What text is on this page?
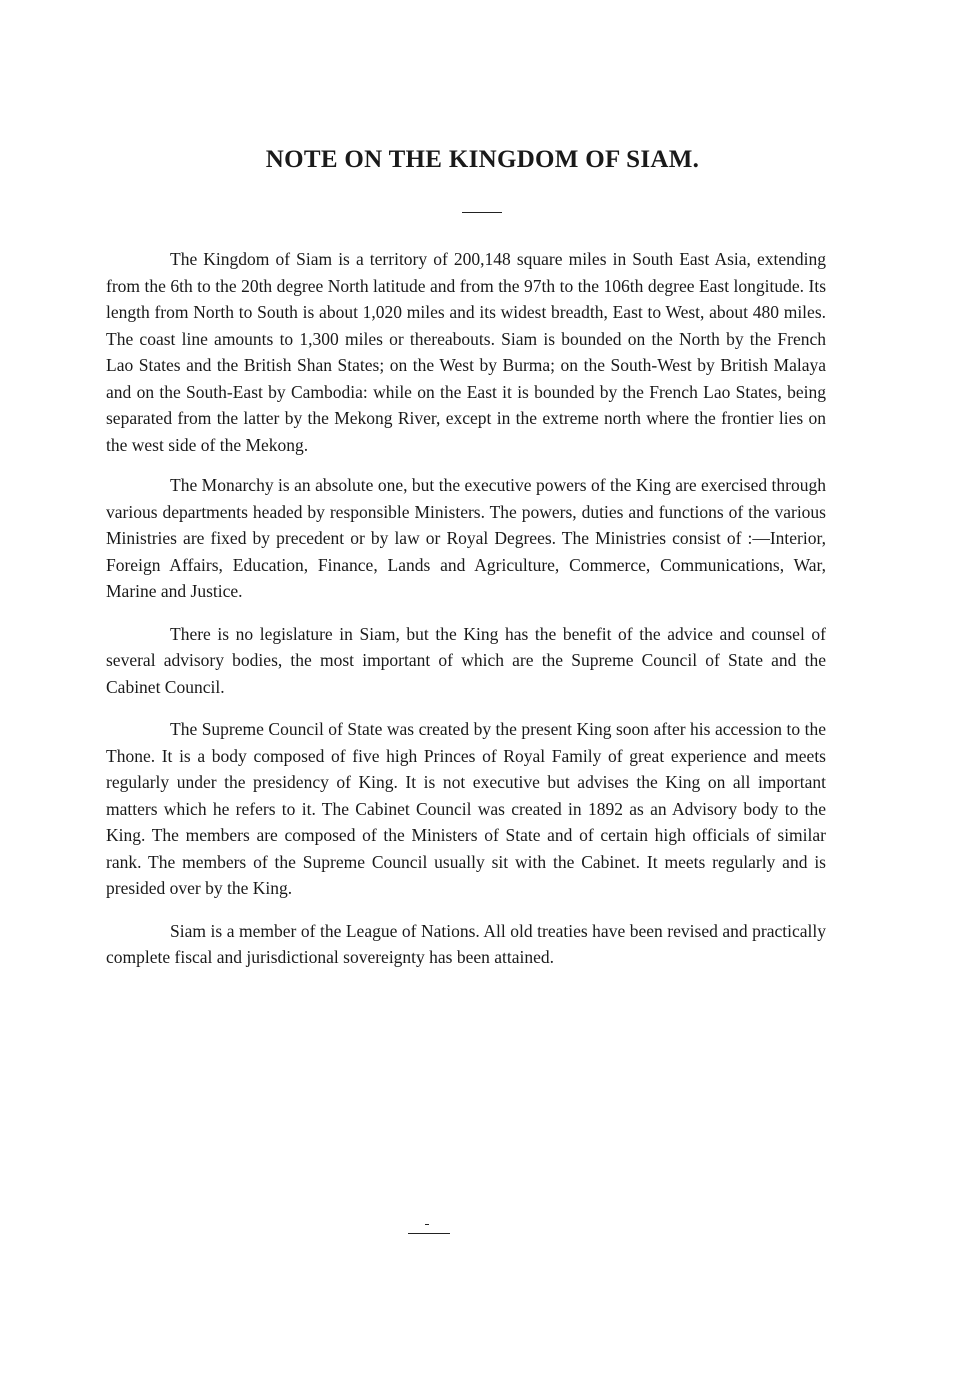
NOTE ON THE KINGDOM OF SIAM.

The Kingdom of Siam is a territory of 200,148 square miles in South East Asia, extending from the 6th to the 20th degree North latitude and from the 97th to the 106th degree East longitude. Its length from North to South is about 1,020 miles and its widest breadth, East to West, about 480 miles. The coast line amounts to 1,300 miles or thereabouts. Siam is bounded on the North by the French Lao States and the British Shan States; on the West by Burma; on the South-West by British Malaya and on the South-East by Cambodia: while on the East it is bounded by the French Lao States, being separated from the latter by the Mekong River, except in the extreme north where the frontier lies on the west side of the Mekong.

The Monarchy is an absolute one, but the executive powers of the King are exercised through various departments headed by responsible Ministers. The powers, duties and functions of the various Ministries are fixed by precedent or by law or Royal Degrees. The Ministries consist of :—Interior, Foreign Affairs, Education, Finance, Lands and Agriculture, Commerce, Communications, War, Marine and Justice.

There is no legislature in Siam, but the King has the benefit of the advice and counsel of several advisory bodies, the most important of which are the Supreme Council of State and the Cabinet Council.

The Supreme Council of State was created by the present King soon after his accession to the Thone. It is a body composed of five high Princes of Royal Family of great experience and meets regularly under the presidency of King. It is not executive but advises the King on all important matters which he refers to it. The Cabinet Council was created in 1892 as an Advisory body to the King. The members are composed of the Ministers of State and of certain high officials of similar rank. The members of the Supreme Council usually sit with the Cabinet. It meets regularly and is presided over by the King.

Siam is a member of the League of Nations. All old treaties have been revised and practically complete fiscal and jurisdictional sovereignty has been attained.
